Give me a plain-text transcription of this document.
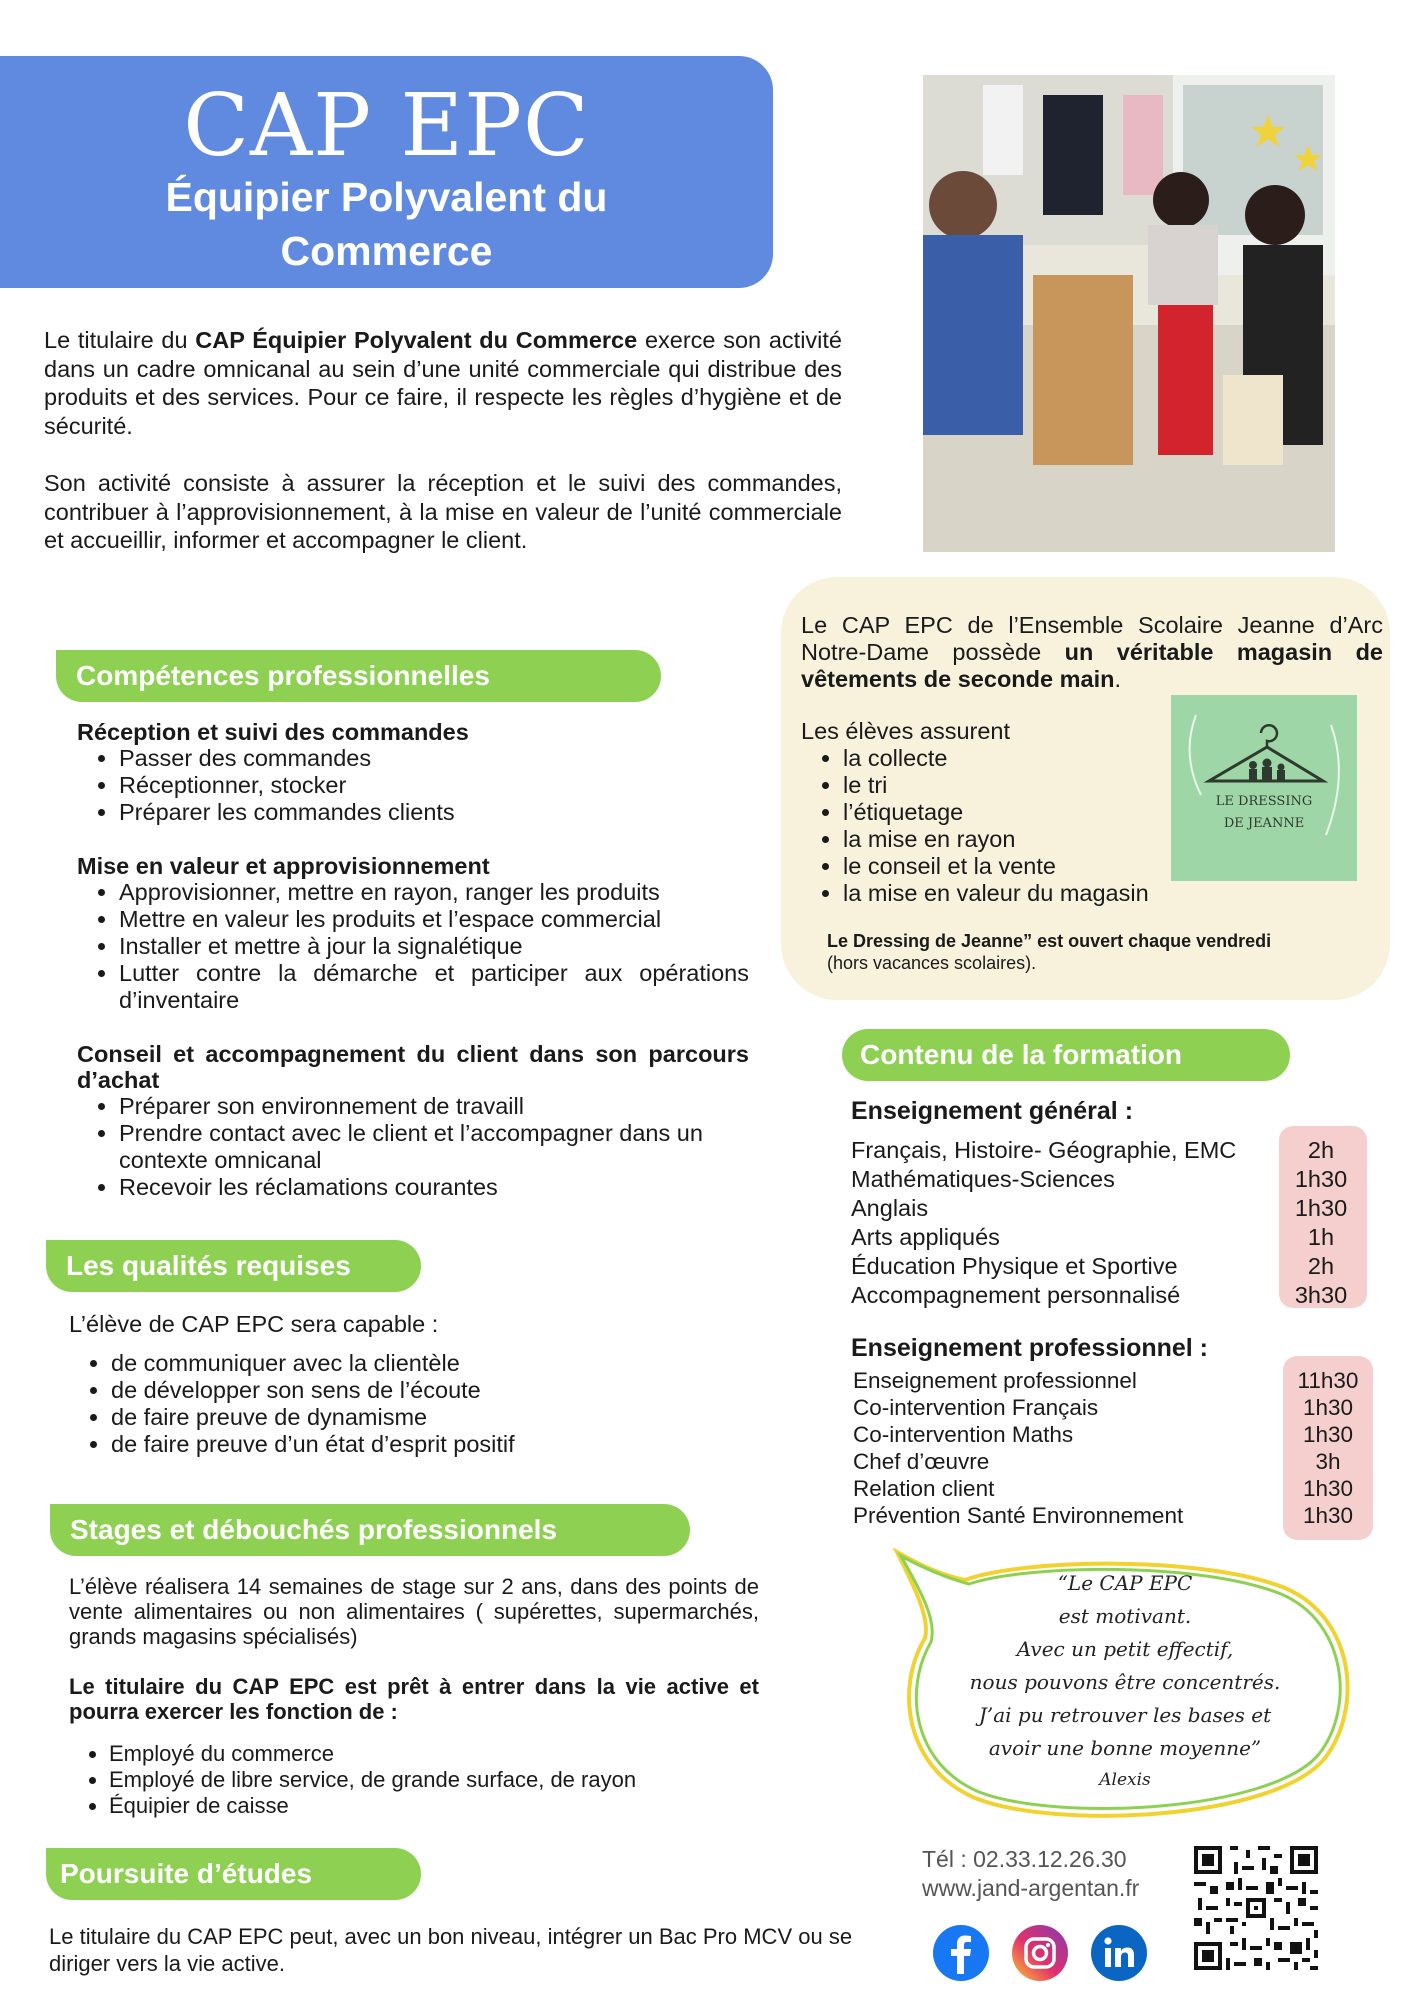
CAP EPC
Équipier Polyvalent du Commerce
Le titulaire du CAP Équipier Polyvalent du Commerce exerce son activité dans un cadre omnicanal au sein d’une unité commerciale qui distribue des produits et des services. Pour ce faire, il respecte les règles d’hygiène et de sécurité.
Son activité consiste à assurer la réception et le suivi des commandes, contribuer à l’approvisionnement, à la mise en valeur de l’unité commerciale et accueillir, informer et accompagner le client.
Compétences professionnelles
Réception et suivi des commandes
• Passer des commandes
• Réceptionner, stocker
• Préparer les commandes clients
Mise en valeur et approvisionnement
• Approvisionner, mettre en rayon, ranger les produits
• Mettre en valeur les produits et l’espace commercial
• Installer et mettre à jour la signalétique
• Lutter contre la démarche et participer aux opérations d’inventaire
Conseil et accompagnement du client dans son parcours d’achat
• Préparer son environnement de travaill
• Prendre contact avec le client et l’accompagner dans un contexte omnicanal
• Recevoir les réclamations courantes
Les qualités requises
L’élève de CAP EPC sera capable :
• de communiquer avec la clientèle
• de développer son sens de l’écoute
• de faire preuve de dynamisme
• de faire preuve d’un état d’esprit positif
Stages et débouchés professionnels
L’élève réalisera 14 semaines de stage sur 2 ans, dans des points de vente alimentaires ou non alimentaires ( supérettes, supermarchés, grands magasins spécialisés)
Le titulaire du CAP EPC est prêt à entrer dans la vie active et pourra exercer les fonction de :
• Employé du commerce
• Employé de libre service, de grande surface, de rayon
• Équipier de caisse
Poursuite d’études
Le titulaire du CAP EPC peut, avec un bon niveau, intégrer un Bac Pro MCV ou se diriger vers la vie active.
Le CAP EPC de l’Ensemble Scolaire Jeanne d’Arc Notre-Dame possède un véritable magasin de vêtements de seconde main.
Les élèves assurent
• la collecte
• le tri
• l’étiquetage
• la mise en rayon
• le conseil et la vente
• la mise en valeur du magasin
LE DRESSING
DE JEANNE
Le Dressing de Jeanne” est ouvert chaque vendredi
(hors vacances scolaires).
Contenu de la formation
Enseignement général :
Français, Histoire- Géographie, EMC	2h
Mathématiques-Sciences	1h30
Anglais	1h30
Arts appliqués	1h
Éducation Physique et Sportive	2h
Accompagnement personnalisé	3h30
Enseignement professionnel :
Enseignement professionnel	11h30
Co-intervention Français	1h30
Co-intervention Maths	1h30
Chef d’œuvre	3h
Relation client	1h30
Prévention Santé Environnement	1h30
“Le CAP EPC
est motivant.
Avec un petit effectif,
nous pouvons être concentrés.
J’ai pu retrouver les bases et
avoir une bonne moyenne”
Alexis
Tél : 02.33.12.26.30
www.jand-argentan.fr
